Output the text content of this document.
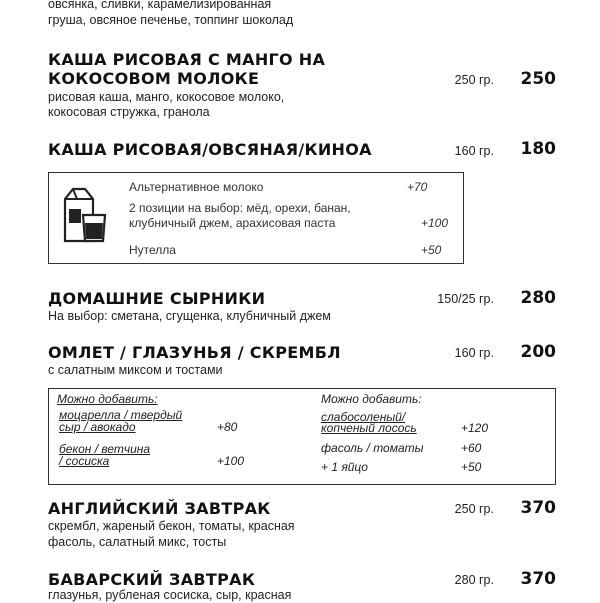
овсянка, сливки, карамелизированная
груша, овсяное печенье, топпинг шоколад
КАША РИСОВАЯ С МАНГО НА
КОКОСОВОМ МОЛОКЕ	250 гр.	250
рисовая каша, манго, кокосовое молоко,
кокосовая стружка, гранола
КАША РИСОВАЯ/ОВСЯНАЯ/КИНОА	160 гр.	180
Альтернативное молоко	+70
2 позиции на выбор: мёд, орехи, банан,
клубничный джем, арахисовая паста	+100
Нутелла	+50
ДОМАШНИЕ СЫРНИКИ	150/25 гр.	280
На выбор: сметана, сгущенка, клубничный джем
ОМЛЕТ / ГЛАЗУНЬЯ / СКРЕМБЛ	160 гр.	200
с салатным миксом и тостами
Можно добавить:
моцарелла / твердый
сыр / авокадо	+80
бекон / ветчина
/ сосиска	+100
Можно добавить:
слабосоленый/
копченый лосось	+120
фасоль / томаты	+60
+ 1 яйцо	+50
АНГЛИЙСКИЙ ЗАВТРАК	250 гр.	370
скрембл, жареный бекон, томаты, красная
фасоль, салатный микс, тосты
БАВАРСКИЙ ЗАВТРАК	280 гр.	370
глазунья, рубленая сосиска, сыр, красная
